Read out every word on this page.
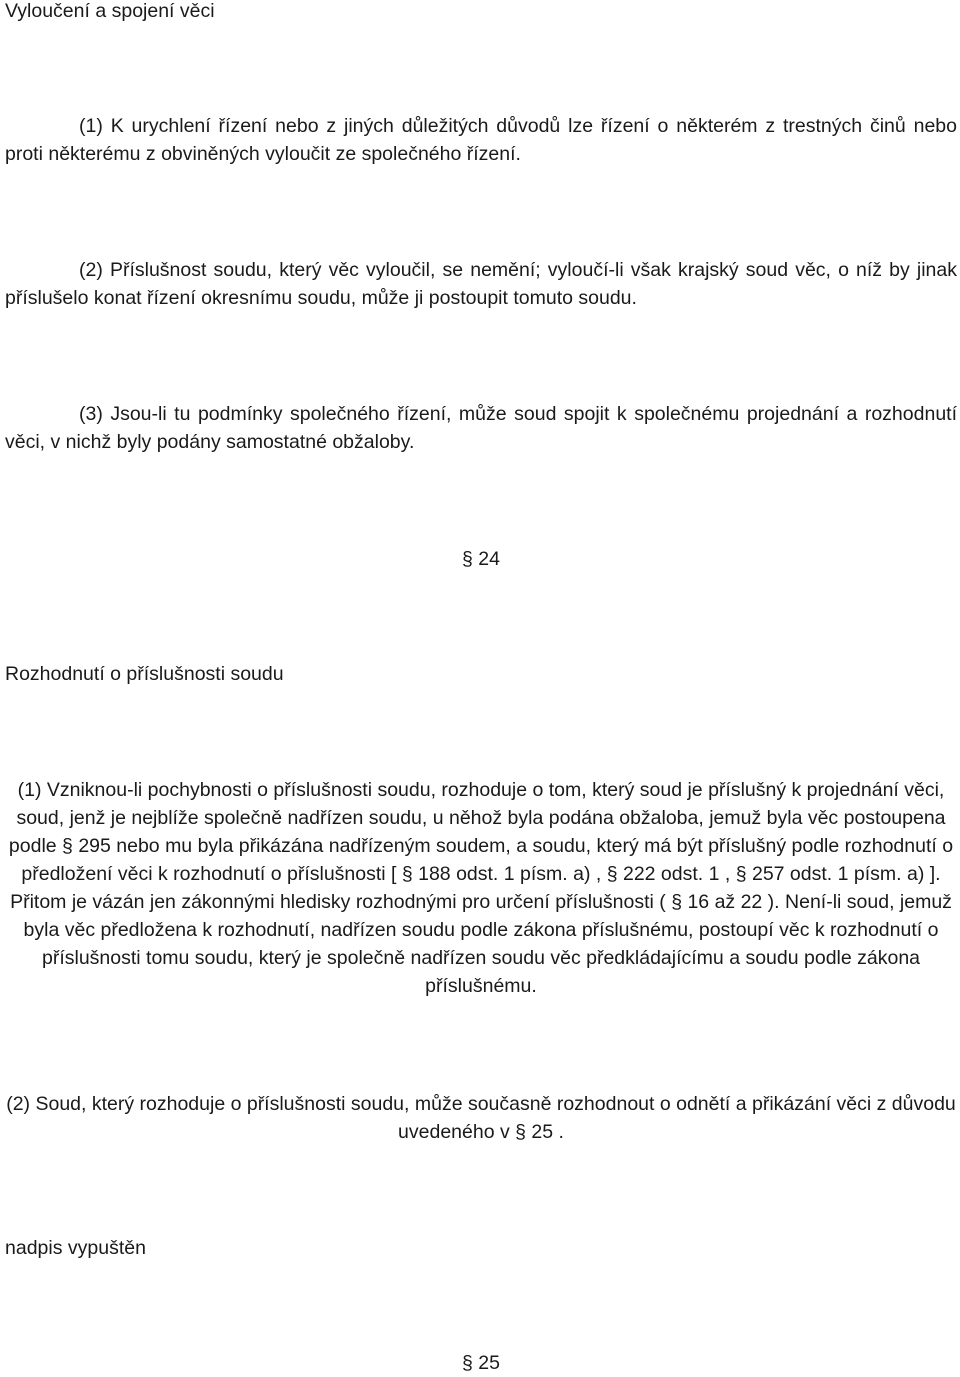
Vyloučení a spojení věci

(1) K urychlení řízení nebo z jiných důležitých důvodů lze řízení o některém z trestných činů nebo proti některému z obviněných vyloučit ze společného řízení.

(2) Příslušnost soudu, který věc vyloučil, se nemění; vyloučí-li však krajský soud věc, o níž by jinak příslušelo konat řízení okresnímu soudu, může ji postoupit tomuto soudu.

(3) Jsou-li tu podmínky společného řízení, může soud spojit k společnému projednání a rozhodnutí věci, v nichž byly podány samostatné obžaloby.

§ 24

Rozhodnutí o příslušnosti soudu

(1) Vzniknou-li pochybnosti o příslušnosti soudu, rozhoduje o tom, který soud je příslušný k projednání věci, soud, jenž je nejblíže společně nadřízen soudu, u něhož byla podána obžaloba, jemuž byla věc postoupena podle § 295 nebo mu byla přikázána nadřízeným soudem, a soudu, který má být příslušný podle rozhodnutí o předložení věci k rozhodnutí o příslušnosti [ § 188 odst. 1 písm. a) , § 222 odst. 1 , § 257 odst. 1 písm. a) ]. Přitom je vázán jen zákonnými hledisky rozhodnými pro určení příslušnosti ( § 16 až 22 ). Není-li soud, jemuž byla věc předložena k rozhodnutí, nadřízen soudu podle zákona příslušnému, postoupí věc k rozhodnutí o příslušnosti tomu soudu, který je společně nadřízen soudu věc předkládajícímu a soudu podle zákona příslušnému.

(2) Soud, který rozhoduje o příslušnosti soudu, může současně rozhodnout o odnětí a přikázání věci z důvodu uvedeného v § 25 .

nadpis vypuštěn

§ 25
